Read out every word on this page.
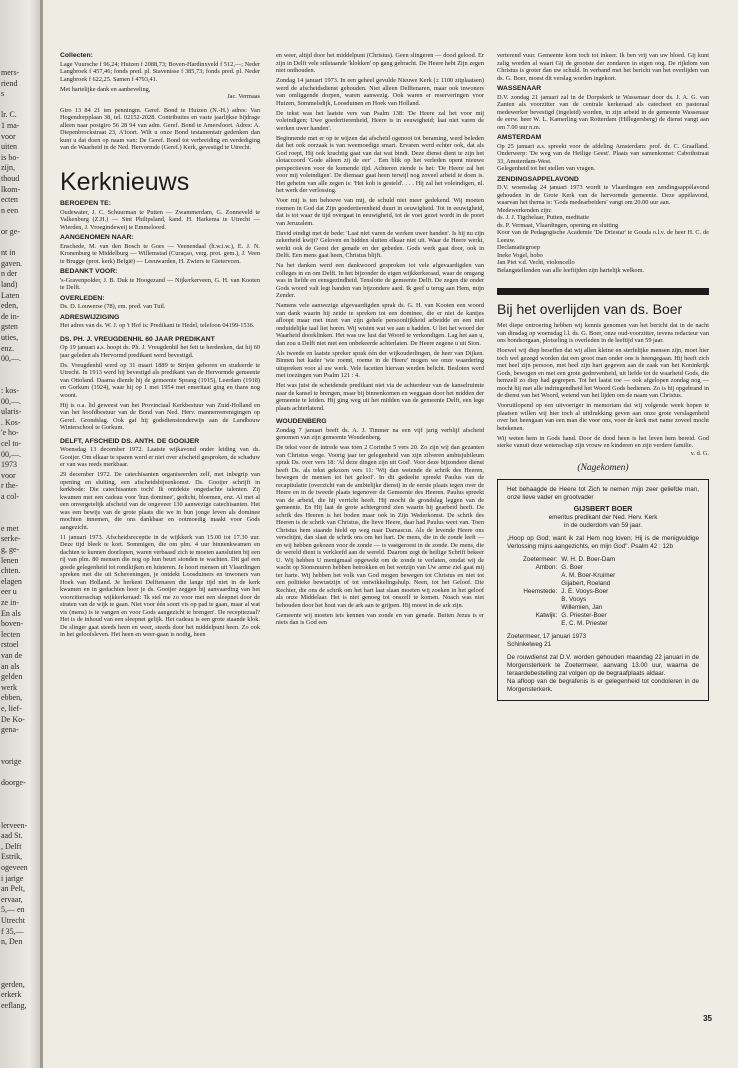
mers-
riend
s
lr. C.
1 ma-
voor
uiten
is bo-
zijn,
thoud
lkom-
ecten
n een
or ge-
nt in
gaven.
n der
land)
Laten
eden,
de in-
gsten
uties,
enz.
00,—.
: kos-
00,—.
ularis-
. Kos-
'e ho-
cel to-
00,—.
1973
voor
r the-
a col-
e met
serke-
g, ge-
lenen
chten.
elagen
eer u
ze in-
En als
boven-
lecten
rstoel
van de
an als
gelden
werk
ebben,
e, lief-
De Ko-
gena-
vorige
doorge-
lerveen-
aad St.
, Delft
Estrik,
ogeveen
i jarige
an Pelt,
ervaar,
5,— en
Utrecht
f 35,—
n, Den
gerden,
erkerk
eeflang,
Collecten:

Lage Vuursche f 96,24; Huizen f 2088,73; Boven-Hardinxveld f 512,—; Neder Langbroek f 457,46; fonds pred. pl. Stavenisse f 385,73; fonds pred. pl. Neder Langbroek f 622,25. Samen f 4793,41.

Met hartelijke dank en aanbeveling,

Jac. Vermaas

Giro 13 84 21 ten penningm. Geref. Bond te Huizen (N.-H.) adres: Van Hogendorpplaan 38, tel. 02152-2028. Contributies en vaste jaarlijkse bijdrage alleen naar postgiro 56 28 94 van adm. Geref. Bond te Amersfoort. Adres: A. Diepenbrockstraat 23, A'foort. Wilt u onze Bond testamentair gedenken dan kunt u dat doen op naam van: De Geref. Bond tot verbreiding en verdediging van de Waarheid in de Ned. Hervormde (Geref.) Kerk, gevestigd te Utrecht.

Kerknieuws
BEROEPEN TE:

Oudewater, J. C. Schuurman te Putten — Zwammerdam, G. Zonneveld te Valkenburg (Z.H.) — Sint Philipsland, kand. H. Harkema te Utrecht — Wierden, J. Vroegindeweij te Emmeloord.

AANGENOMEN NAAR:

Enschede, M. van den Bosch te Goes — Veenendaal (h.w.i.w.), E. J. N. Kronenburg te Middelburg — Willemstad (Curaçao, verg. prot. gem.), J. Veen te Brugge (prot. kerk) België) — Leeuwarden, H. Zwiers te Gietervcen.

BEDANKT VOOR:

's-Gravenpolder, J. B. Duk te Hoogezand — Nijkerkerveen, G. H. van Kooten te Delft.

OVERLEDEN:

Ds. D. Louwerse (78), em. pred. van Tuil.

ADRESWIJZIGING

Het adres van ds. W. J. op 't Hof is: Predikant te Hedel, telefoon 04199-1536.

DS. PH. J. VREUGDENHIL 60 JAAR PREDIKANT

Op 19 januari a.s. hoopt ds. Ph. J. Vreugdenhil het feit te herdenken, dat hij 60 jaar geleden als Hervormd predikant werd bevestigd.

Ds. Vreugdenhil werd op 31 maart 1889 te Strijen geboren en studeerde te Utrecht. In 1913 werd hij bevestigd als predikant van de Hervormde gemeente van Ottoland. Daarna diende hij de gemeente Sprang (1915), Leerdam (1918) en Gorkum (1924), waar hij op 1 mei 1954 met emeritaat ging en thans nog woont.

Hij is o.a. lid geweest van het Provinciaal Kerkbestuur van Zuid-Holland en van het hoofdbestuur van de Bond van Ned. Herv. mannenverenigingen op Geref. Grondslag. Ook gaf hij godsdienstonderwijs aan de Landbouw Winterschool te Gorkum.

DELFT, AFSCHEID DS. ANTH. DE GOOIJER

Woensdag 13 december 1972. Laatste wijkavond onder leiding van ds. Gooijer. Om elkaar te sparen werd er niet over afscheid gesproken, de schaduw er van was reeds merkbaar.

29 december 1972. De catechisanten organiseerden zelf, met inbegrip van opening en sluiting, een afscheidsbijeenkomst. Ds. Gooijer schrijft in kerkbode: Die catechisanten toch! Ik ontdekte ongedachte talenten. Zij kwamen met een cadeau voor 'hun dominee', gedicht, bloemen, enz. Al met al een onvergetelijk afscheid van de ongeveer 130 aanwezige catechisanten. Het was een bewijs van de grote plaats die we in hun jonge leven als dominee mochten innemen, die ons dankbaar en ootmoedig maakt voor Gods aangezicht.

11 januari 1973. Afscheidsreceptie in de wijkkerk van 15.00 tot 17.30 uur. Deze tijd bleek te kort. Sommigen, die om plm. 4 uur binnenkwamen en dachten te kunnen doorlopen, waren verbaasd zich te moeten aansluiten bij een rij van plm. 80 mensen die nog op hun beurt stonden te wachten. Dit gaf een goede gelegenheid tot rondkijken en luisteren. Je hoort mensen uit Vlaardingen spreken met die uit Scheveningen, je ontdekt Loosduiners en inwoners van Hoek van Holland. Je herkent Delftenaren die lange tijd niet in de kerk kwamen en in gedachten hoor je ds. Gooijer zeggen bij aanvaarding van het voorzittersschap wijkkerkeraad: 'Ik stel me zo voor met een sleepnet door de straten van de wijk te gaan. Niet voor één soort vis op pad te gaan, maar al wat vis (mens) is te vangen en voor Gods aangezicht te brengen'. De receptiezaal? Het is de inhoud van een sleepnet gelijk. Het cadeau is een grote staande klok. De slinger gaat steeds heen en weer, steeds door het middelpunt heen. Zo ook in het geloofsleven. Het heen en weer-gaan is nodig, heen

en weer, altijd door het middelpunt (Christus). Geen slingeren — dood gelood. Er zijn in Delft vele stilstaande 'klokken' op gang gebracht. De Heere hebt Zijn zegen niet onthouden.

Zondag 14 januari 1973. In een geheel gevulde Nieuwe Kerk (± 1100 zitplaatsen) werd de afscheidsdienst gehouden. Niet alleen Delftenaren, maar ook inwoners van omliggende dorpen, waren aanwezig. Ook waren er reserveringen voor Huizen, Sommelsdijk, Loosduinen en Hoek van Holland.

De tekst was het laatste vers van Psalm 138: 'De Heere zal het voor mij voleindigen; Uwe goedertierenheid, Heere is in eeuwigheid; laat niet varen de werken uwer handen'.

Beginnende met er op te wijzen dat afscheid ogenoot tot beraming, werd beleden dat het ook oorzaak is van weemoedige smart. Ervaren werd echter ook, dat als God roept, Hij ook krachtig gaat van dat wat bindt. Deze dienst dient te zijn het slotaccoord 'Gode alleen zij de eer' . Een blik op het verleden opent nieuwe perspectieven voor de komende tijd. Achteren ziende is het: 'De Heere zal het voor mij voleindigen'. De diemaar gaat heen terwijl nog zoveel arbeid te doen is. Het geheim van alle zegen is: 'Het kob is gesteld'. . . . Hij zal het voleindigen, nl. het werk der verlossing.

Voor mij is ten behoeve van mij, de schuld niet meer gedekend. Wij moeten roemen in God dat Zijn goedertierenheid duurt in eeuwigheid. Tot in eeuwigheid, dat is tot waar de tijd overgaat in eeuwigheid, tot de voet gezet wordt in de poort van Jeruzalem.

David eindigt met de bede: 'Laat niet varen de werken uwer handen'. Is hij nu zijn zekerheid kwijt? Geloven en bidden sluiten elkaar niet uit. Waar de Heere werkt, werkt ook de Geest der genade en der gebeden. Gods werk gaat door, ook in Delft. Een mens gaat heen, Christus blijft.

Na het danken werd een dankwoord gesproken tot vele afgevaardigden van colleges in en om Delft. In het bijzonder de eigen wijkkerkeraad, waar de omgang was in liefde en eensgezindheid. Tenslotte de gemeente Delft. De zegen die onder Gods woord valt legt banden van bijzondere aard. Ik geef u terug aan Hem, mijn Zender.

Namens vele aanwezige afgevaardigden sprak ds. G. H. van Kooten een woord van dank waarin hij zeide te spreken tot een dominee, die er niet de kantjes afloopt maar met inzet van zijn gehele persoonlijkheid arbeidde en een niet onduidelijke taal liet horen. Wij wisten wat we aan u hadden. U liet het woord der Waarheid doorklinken. Het was uw lust dat Woord te verkondigen. Lag het aan u, dan zou u Delft niet met een onbekeerde achterlaten. De Heere zegene u uit Sion.

Als tweede en laatste spreker sprak één der wijkouderlingen, de heer van Dijken. Binnen het kader 'wie roemt, roeme in de Heere' mogen we onze waardering uitspreken voor al uw werk. Vele facetten hiervan werden belicht. Besloten werd met toezingen van Psalm 121 : 4.

Het was juist de scheidende predikant niet via de achterdeur van de kanselruimte naar de kansel te brengen, maar bij binnenkomen en weggaan door het midden der gemeente te leiden. Hij ging weg uit het midden van de gemeente Delft, een lege plaats achterlatend.

WOUDENBERG

Zondag 7 januari beeft ds. A. J. Timmer na een vijf jarig verblijf afscheid genomen van zijn gemeente Woudenberg.

De tekst voor de intrede was toen 2 Corinthe 5 vers 20. Zo zijn wij dan gezanten van Christus wege. Voorig jaar ter gelegenheid van zijn zilveren ambtsjubileum sprak Ds. over vers 18: 'Al deze dingen zijn uit God'. Voor deze bijzondere dienst heeft Ds. als tekst gekozen vers 11: 'Wij dan wetende de schrik des Heeren, bewegen de mensen tot het geloof'. In dit gedeelte spreekt Paulus van de recapitulatie (overzicht van de ambtelijke dienst) in de eerste plaats tegen over de Heere en in de tweede plaats tegenover de Gemeente des Heeren. Paulus spreekt van de arbeid, die hij verricht heeft. Hij mocht de grondslag leggen van de gemeente. En Hij laat de grote achtergrond zien waarin hij gearbeid heeft. De schrik des Heeren is het boden maar ook in Zijn Wederkomst. De schrik des Heeren is de schrik van Christus, die lieve Heere, daar had Paulus weet van. Toen Christus hem staande hield op weg naar Damascus. Als de levende Heere ons verschijnt, dan slaat de schrik ons om het hart. De mens, die in de zonde leeft — en wij hebben gekozen voor de zonde — is vastgeroest in de zonde. De mens, die de wereld dient is verkleefd aan de wereld. Daarom zegt de heilige Schrift bekeer U. Wij hebben U menigmaal opgewekt om de zonde te verlaten, omdat wij de wacht op Sionsmuren hebben betrokken en het wetzijn van Uw arme ziel gaat mij ter harte. Wij hebben het volk van God mogen bewegen tot Christus en niet tot een politieke bewustzijn of tot ontwikkelingshulp. Neen, tot het Geloof. Die Rechter, die ons de schrik om het hart laat slaan moeten wij zoeken in het geloof als onze Middelaar. Het is niet genoeg tot onszelf te komen. Noach was niet behouden door het hout van de ark aan te grijpen. Hij moest in de ark zijn.

Gemeente wij moeten iets kennen van zonde en van genade. Buiten Jezus is er niets dan is God een

verterend vuur. Gemeente kom toch tot inkeer. Ik ben vrij van uw bloed. Gij kunt zalig worden al waart Gij de grootste der zondaren in eigen oog. De rijkdom van Christus is groter dan uw schuld. In verband met het bericht van het overlijden van ds. G. Boer, moest dit verslag worden ingekort.

WASSENAAR

D.V. zondag 21 januari zal in de Dorpskerk te Wassenaar door ds. J. A. G. van Zanten als voorzitter van de centrale kerkeraad als catecheet en pastoraal medewerker bevestigd (ingeleid) worden, in zijn arbeid in de gemeente Wassenaar de eerw. heer W. L. Kamerling van Rotterdam (Hillegersberg) de dienst vangt aan om 7.00 uur n.m.

AMSTERDAM

Op 25 januari a.s. spreekt voor de afdeling Amsterdam: prof. dr. C. Graafland. Onderwerp: 'De weg van de Heilige Geest'. Plaats van samenkomst: Cabothstraat 33, Amsterdam-West.

Gelegenheid tot het stellen van vragen.

ZENDINGSAPPELAVOND

D.V. woensdag 24 januari 1973 wordt te Vlaardingen een zendingsappèlavond gehouden in de Grote Kerk van de hervormde gemeente. Deze appèlavond, waarvan het thema is: 'Gods medearbeiders' vangt om 20.00 uur aan.

Medewerkenden zijn:
ds. J. J. Tigchelaar, Putten, meditatie
ds. P. Vermaat, Vlaardingen, opening en sluiting
Koor van de Pedagogische Academie 'De Driestar' te Gouda o.l.v. de heer H. C. de Leeuw.
Declamatiegroep
Ineke Vogel, hobo
Jan Piet v.d. Vecht, violoncello

Belangstellenden van alle leeftijden zijn hartelijk welkom.

Bij het overlijden van ds. Boer

Met diepe ontroering hebben wij kennis genomen van het bericht dat in de nacht van dinsdag op woensdag l.l. ds. G. Boer, onze oud-voorzitter, tevens redacteur van ons bondsorgaan, plotseling is overleden in de leeftijd van 59 jaar.

Hoewel wij diep beseffen dat wij allen kleine en sterfelijke mensen zijn, moet hier toch wel gezegd worden dat een groot man onder ons is heengegaan. Hij heeft zich met heel zijn persoon, met heel zijn hart gegeven aan de zaak van het Koninkrijk Gods, bewogen en met een grote gedrevenheid, uit liefde tot de waarheid Gods, die hemzelf zo diep had gegrepen. Tot het laatst toe — ook afgelopen zondag nog — mocht hij met alle indringendheid het Woord Gods bedienen. Zo is hij opgebrand in de dienst van het Woord, wetend van het lijden om de naam van Christus.

Vooruitlopend op een uitvoeriger in memoriam dat wij volgende week hopen te plaatsen willen wij hier toch al uitdrukking geven aan onze grote verslagenheid over het heengaan van een man die voor ons, voor de kerk met name zoveel mocht betekenen.

Wij weten hem in Gods hand. Door de dood heen is het leven hem bereid. God sterke vanuit deze wetenschap zijn vrouw en kinderen en zijn verdere familie.

v. d. G.

(Nagekomen)
Het behaagde de Heere tot Zich te nemen mijn zeer geliefde man, onze lieve vader en grootvader
GIJSBERT BOER
emeritus predikant der Ned. Herv. Kerk
in de ouderdom van 59 jaar.
„Hoop op God; want ik zal Hem nog loven; Hij is de menigvuldige Verlossing mijns aangezichts, en mijn God". Psalm 42 : 12b
Zoetermeer:	W. H. D. Boer-Dam
Ambon:	G. Boer
	A. M. Boer-Kruimer
	Gijabert, Roeland
Heemstede:	J. E. Vooys-Boer
	B. Vooys
	Willemien, Jan
Katwijk:	G. Priester-Boer
	E. C. M. Priester
Zoetermeer, 17 januari 1973
Schinkelweg 21
De rouwdienst zal D.V. worden gehouden maandag 22 januari in de Morgensterkerk te Zoetermeer, aanvang 13.00 uur, waarna de teraardebestelling zal volgen op de begraafplaats aldaar.
Na afloop van de begrafenis is er gelegenheid tot condoleren in de Morgensterkerk.
35
